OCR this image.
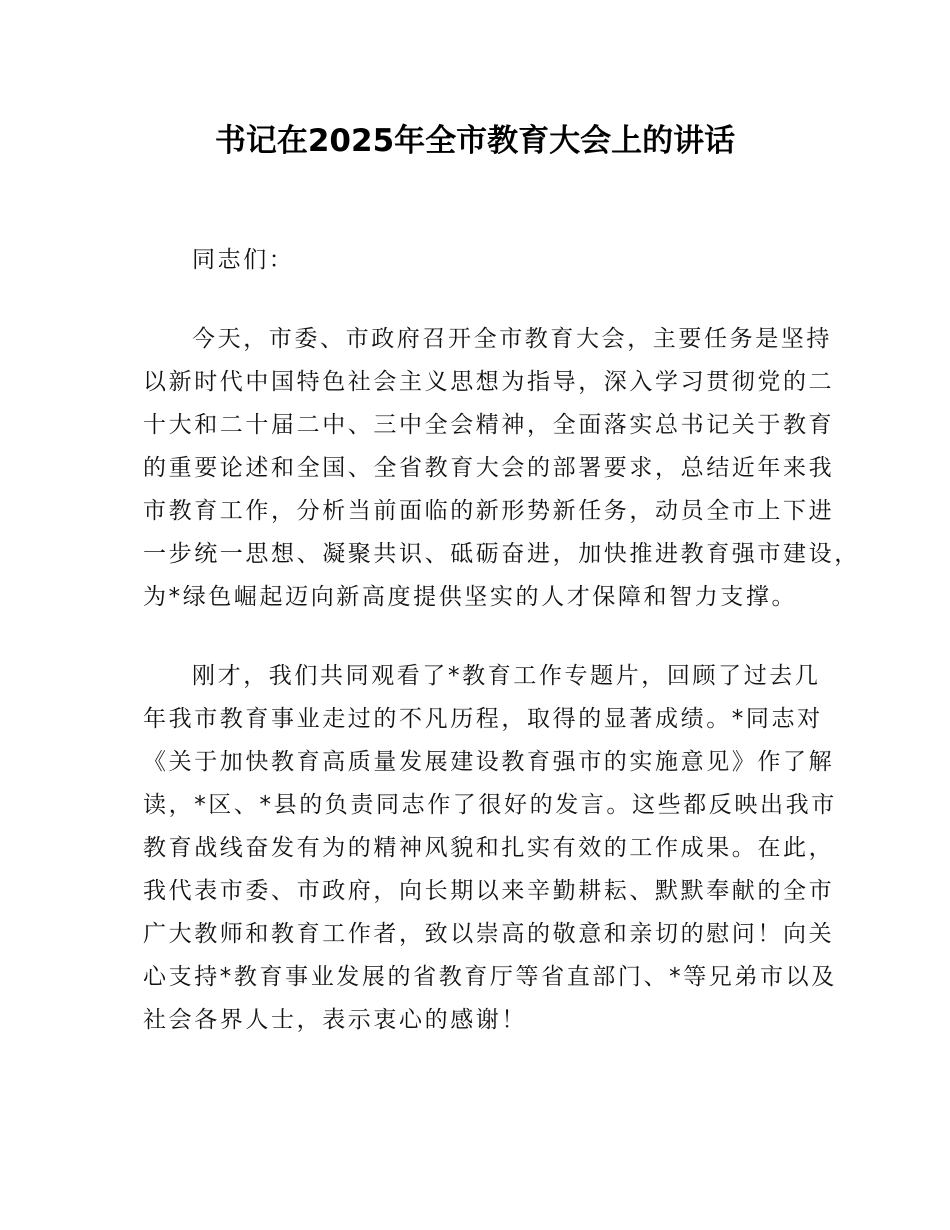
书记在2025年全市教育大会上的讲话
同志们：
今天，市委、市政府召开全市教育大会，主要任务是坚持
以新时代中国特色社会主义思想为指导，深入学习贯彻党的二
十大和二十届二中、三中全会精神，全面落实总书记关于教育
的重要论述和全国、全省教育大会的部署要求，总结近年来我
市教育工作，分析当前面临的新形势新任务，动员全市上下进
一步统一思想、凝聚共识、砥砺奋进，加快推进教育强市建设，
为*绿色崛起迈向新高度提供坚实的人才保障和智力支撑。
刚才，我们共同观看了*教育工作专题片，回顾了过去几
年我市教育事业走过的不凡历程，取得的显著成绩。*同志对
《关于加快教育高质量发展建设教育强市的实施意见》作了解
读，*区、*县的负责同志作了很好的发言。这些都反映出我市
教育战线奋发有为的精神风貌和扎实有效的工作成果。在此，
我代表市委、市政府，向长期以来辛勤耕耘、默默奉献的全市
广大教师和教育工作者，致以崇高的敬意和亲切的慰问！向关
心支持*教育事业发展的省教育厅等省直部门、*等兄弟市以及
社会各界人士，表示衷心的感谢！
